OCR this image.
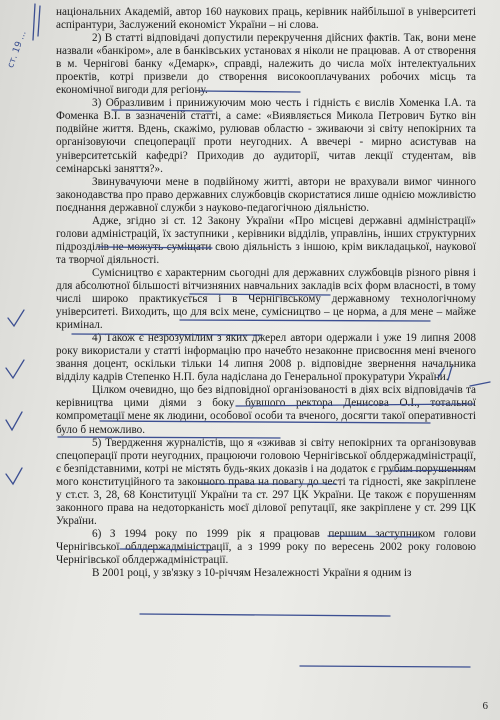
національних Академій, автор 160 наукових праць, керівник найбільшої в університеті аспірантури, Заслужений економіст України – ні слова.

2) В статті відповідачі допустили перекручення дійсних фактів. Так, вони мене назвали «банкіром», але в банківських установах я ніколи не працював. А от створення в м. Чернігові банку «Демарк», справді, належить до числа моїх інтелектуальних проектів, котрі призвели до створення високооплачуваних робочих місць та економічної вигоди для регіону.

3) Образливим і принижуючим мою честь і гідність є вислів Хоменка І.А. та Фоменка В.І. в зазначеній статті, а саме: «Виявляється Микола Петрович Бутко він подвійне життя. Вдень, скажімо, рулював областю - зживаючи зі світу непокірних та організовуючи спецоперації проти неугодних. А ввечері - мирно асистував на університетській кафедрі? Приходив до аудиторії, читав лекції студентам, вів семінарські заняття?».

Звинувачуючи мене в подвійному житті, автори не врахували вимог чинного законодавства про право державних службовців скористатися лише однією можливістю поєднання державної служби з науково-педагогічною діяльністю.

Адже, згідно зі ст. 12 Закону України «Про місцеві державні адміністрації» голови адміністрацій, їх заступники , керівники відділів, управлінь, інших структурних підрозділів не можуть суміщати свою діяльність з іншою, крім викладацької, наукової та творчої діяльності.

Сумісництво є характерним сьогодні для державних службовців різного рівня і для абсолютної більшості вітчизняних навчальних закладів всіх форм власності, в тому числі широко практикується і в Чернігівському державному технологічному університеті. Виходить, що для всіх мене, сумісництво – це норма, а для мене – майже кримінал.

4) Також є незрозумілим з яких джерел автори одержали і уже 19 липня 2008 року використали у статті інформацію про начебто незаконне присвоєння мені вченого звання доцент, оскільки тільки 14 липня 2008 р. відповідне звернення начальника відділу кадрів Степенко Н.П. була надіслана до Генеральної прокуратури України.

Цілком очевидно, що без відповідної організованості в діях всіх відповідачів та керівництва цими діями з боку бувшого ректора Денисова О.І., тотальної компрометації мене як людини, особової особи та вченого, досягти такої оперативності було б неможливо.

5) Твердження журналістів, що я «зживав зі світу непокірних та організовував спецоперації проти неугодних, працюючи головою Чернігівської облдержадміністрації, є безпідставними, котрі не містять будь-яких доказів і на додаток є грубим порушенням мого конституційного та законного права на повагу до честі та гідності, яке закріплене у ст.ст. 3, 28, 68 Конституції України та ст. 297 ЦК України. Це також є порушенням законного права на недоторканість моєї ділової репутації, яке закріплене у ст. 299 ЦК України.

6) З 1994 року по 1999 рік я працював першим заступником голови Чернігівської облдержадміністрації, а з 1999 року по вересень 2002 року головою Чернігівської облдержадміністрації.

В 2001 році, у зв'язку з 10-річчям Незалежності України я одним із

ст. 19 ...
6
